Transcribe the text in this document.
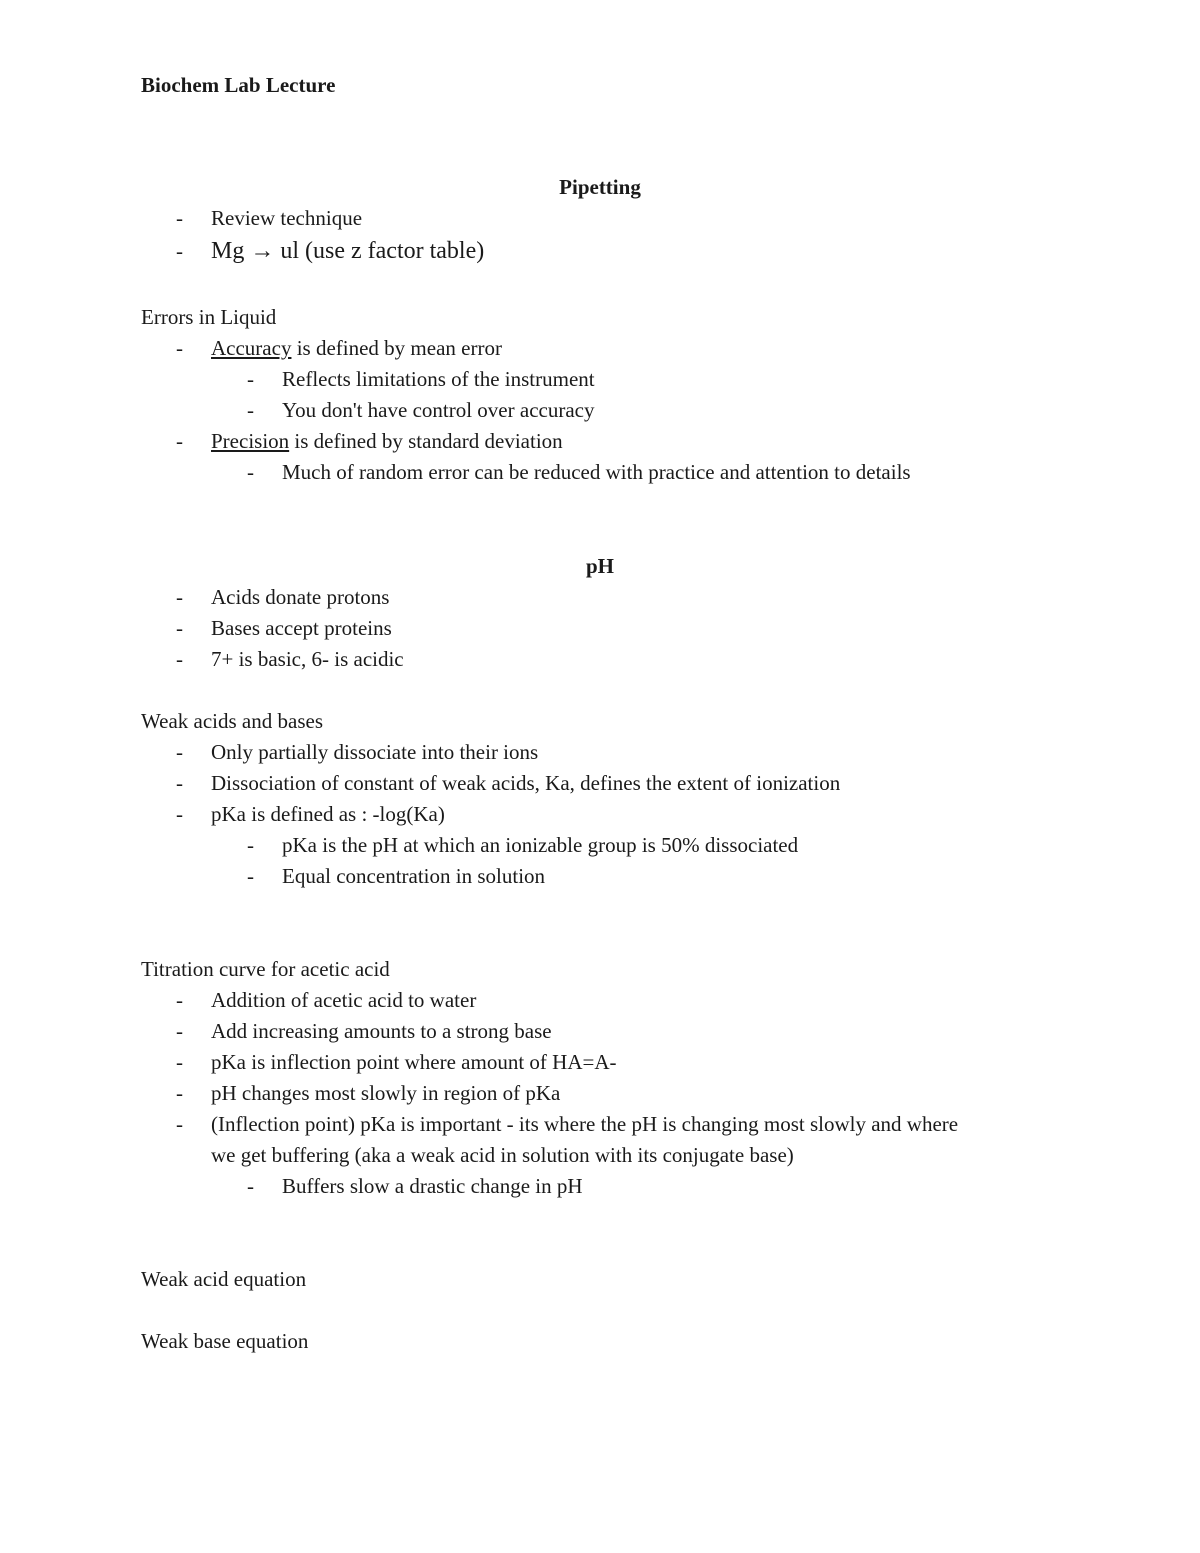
Biochem Lab Lecture
Pipetting
- Review technique
- Mg → ul (use z factor table)
Errors in Liquid
- Accuracy is defined by mean error
- Reflects limitations of the instrument
- You don't have control over accuracy
- Precision is defined by standard deviation
- Much of random error can be reduced with practice and attention to details
pH
- Acids donate protons
- Bases accept proteins
- 7+ is basic, 6- is acidic
Weak acids and bases
- Only partially dissociate into their ions
- Dissociation of constant of weak acids, Ka, defines the extent of ionization
- pKa is defined as : -log(Ka)
- pKa is the pH at which an ionizable group is 50% dissociated
- Equal concentration in solution
Titration curve for acetic acid
- Addition of acetic acid to water
- Add increasing amounts to a strong base
- pKa is inflection point where amount of HA=A-
- pH changes most slowly in region of pKa
- (Inflection point) pKa is important - its where the pH is changing most slowly and where
we get buffering (aka a weak acid in solution with its conjugate base)
- Buffers slow a drastic change in pH
Weak acid equation
Weak base equation
